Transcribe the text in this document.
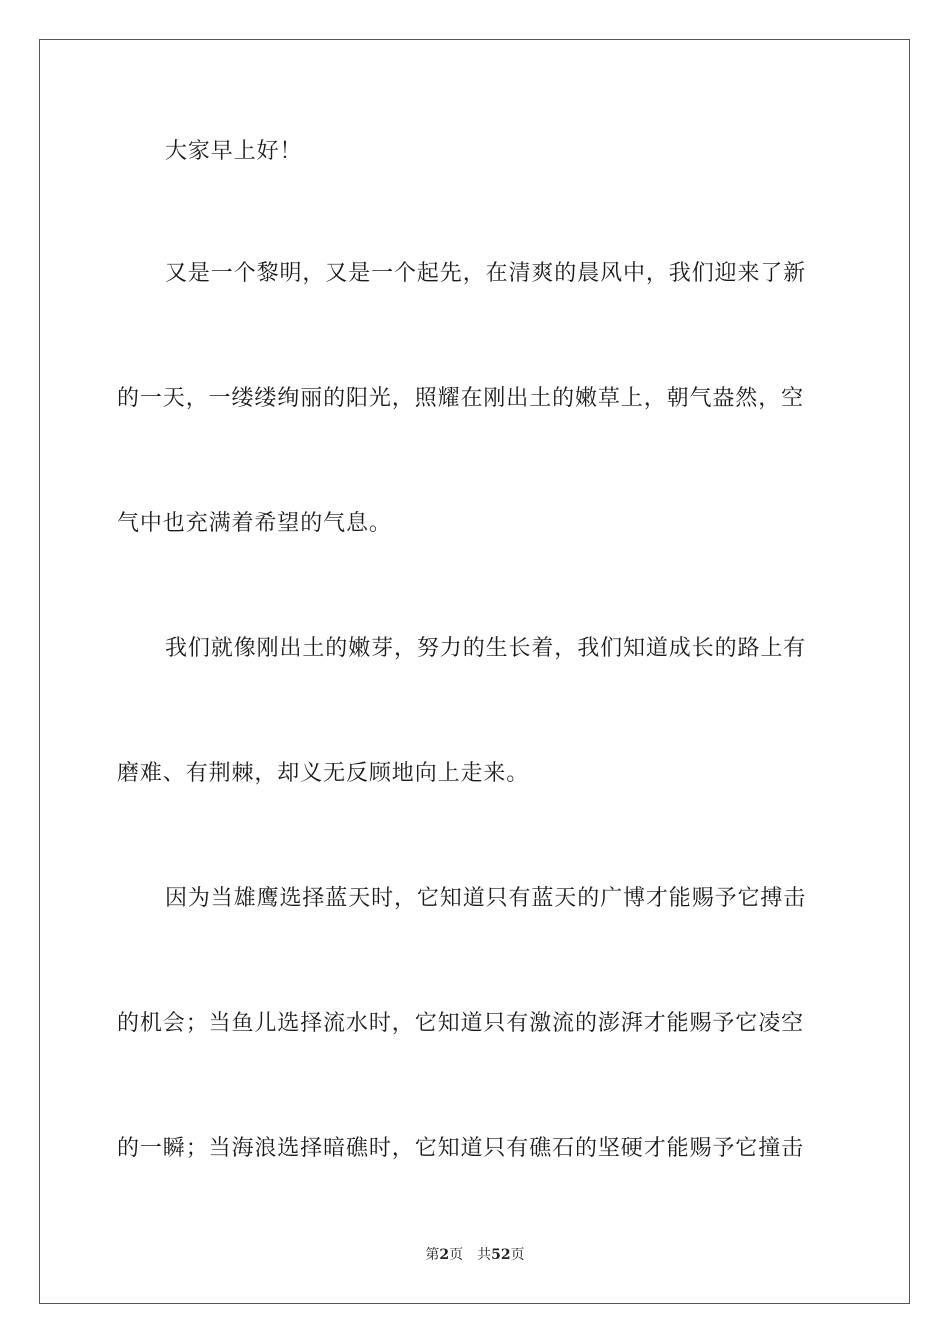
大家早上好！
又是一个黎明，又是一个起先，在清爽的晨风中，我们迎来了新
的一天，一缕缕绚丽的阳光，照耀在刚出土的嫩草上，朝气盎然，空
气中也充满着希望的气息。
我们就像刚出土的嫩芽，努力的生长着，我们知道成长的路上有
磨难、有荆棘，却义无反顾地向上走来。
因为当雄鹰选择蓝天时，它知道只有蓝天的广博才能赐予它搏击
的机会；当鱼儿选择流水时，它知道只有激流的澎湃才能赐予它凌空
的一瞬；当海浪选择暗礁时，它知道只有礁石的坚硬才能赐予它撞击
第2页 共52页
